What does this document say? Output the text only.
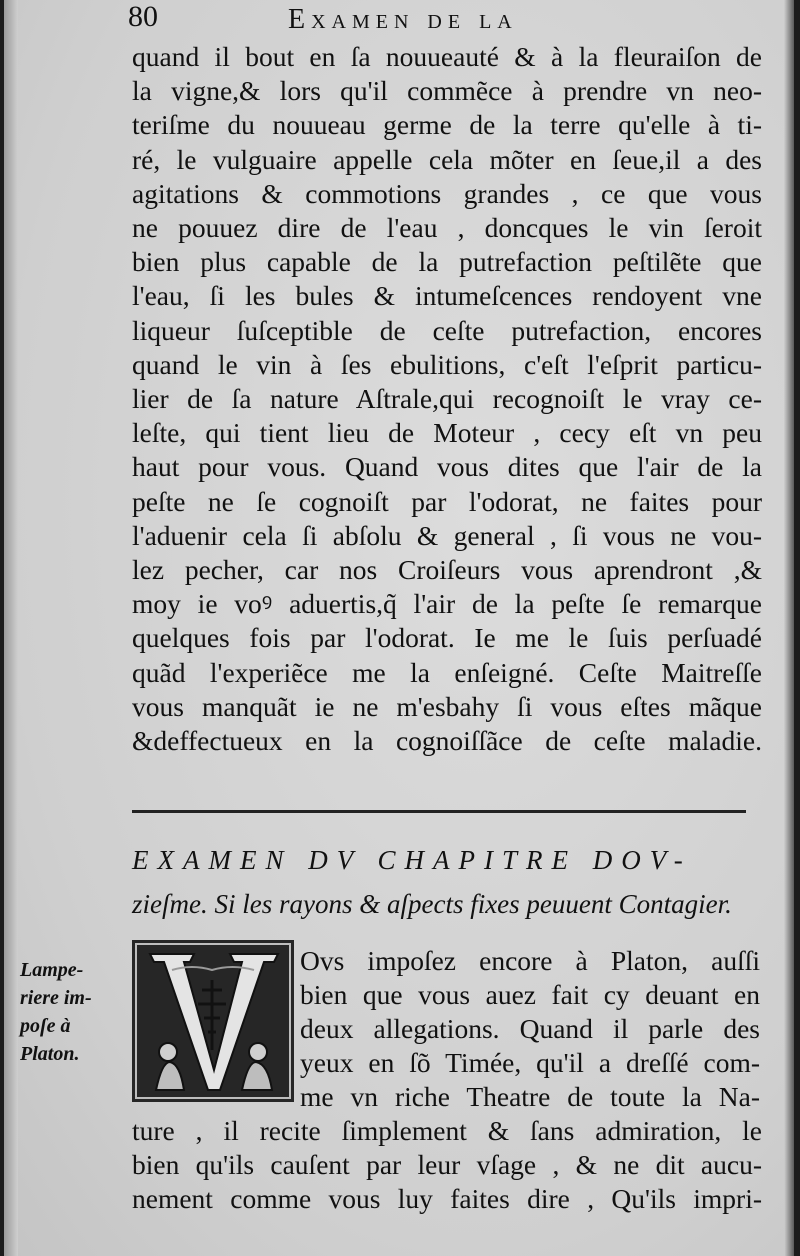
80	Examen de la
quand il bout en ſa nouueauté & à la fleuraiſon de
la vigne,& lors qu'il commẽce à prendre vn neo-
teriſme du nouueau germe de la terre qu'elle à ti-
ré, le vulguaire appelle cela mõter en ſeue,il a des
agitations & commotions grandes , ce que vous
ne pouuez dire de l'eau , doncques le vin ſeroit
bien plus capable de la putrefaction peſtilẽte que
l'eau, ſi les bules & intumeſcences rendoyent vne
liqueur ſuſceptible de ceſte putrefaction, encores
quand le vin à ſes ebulitions, c'eſt l'eſprit particu-
lier de ſa nature Aſtrale,qui recognoiſt le vray ce-
leſte, qui tient lieu de Moteur , cecy eſt vn peu
haut pour vous. Quand vous dites que l'air de la
peſte ne ſe cognoiſt par l'odorat, ne faites pour
l'aduenir cela ſi abſolu & general , ſi vous ne vou-
lez pecher, car nos Croiſeurs vous aprendront ,&
moy ie voꝰ aduertis,q̃ l'air de la peſte ſe remarque
quelques fois par l'odorat. Ie me le ſuis perſuadé
quãd l'experiẽce me la enſeigné. Ceſte Maitreſſe
vous manquãt ie ne m'esbahy ſi vous eſtes mãque
&deffectueux en la cognoiſſãce de ceſte maladie.
EXAMEN DV CHAPITRE DOV-
zieſme. Si les rayons & aſpects fixes peuuent Contagier.
Lampe-
riere im-
poſe à
Platon.
Ovs impoſez encore à Platon, auſſi
bien que vous auez fait cy deuant en
deux allegations. Quand il parle des
yeux en ſõ Timée, qu'il a dreſſé com-
me vn riche Theatre de toute la Na-
ture , il recite ſimplement & ſans admiration, le
bien qu'ils cauſent par leur vſage , & ne dit aucu-
nement comme vous luy faites dire , Qu'ils impri-
